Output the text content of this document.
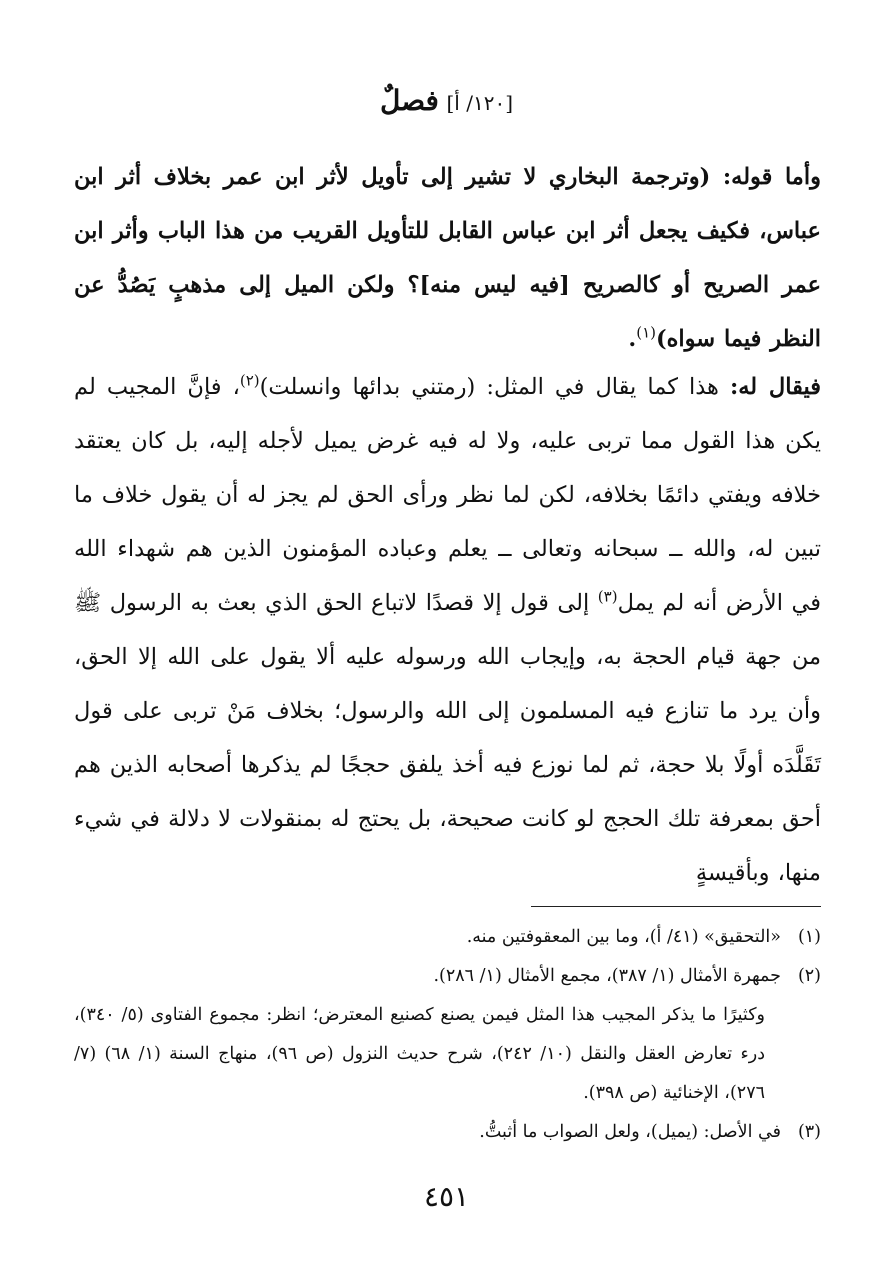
[١٢٠/ أ] فصلٌ

وأما قوله: (وترجمة البخاري لا تشير إلى تأويل لأثر ابن عمر بخلاف أثر ابن عباس، فكيف يجعل أثر ابن عباس القابل للتأويل القريب من هذا الباب وأثر ابن عمر الصريح أو كالصريح [فيه ليس منه]؟ ولكن الميل إلى مذهبٍ يَصُدُّ عن النظر فيما سواه)$^{(١)}$.

فيقال له: هذا كما يقال في المثل: (رمتني بدائها وانسلت)$^{(٢)}$، فإنَّ المجيب لم يكن هذا القول مما تربى عليه، ولا له فيه غرض يميل لأجله إليه، بل كان يعتقد خلافه ويفتي دائمًا بخلافه، لكن لما نظر ورأى الحق لم يجز له أن يقول خلاف ما تبين له، والله ــ سبحانه وتعالى ــ يعلم وعباده المؤمنون الذين هم شهداء الله في الأرض أنه لم يمل$^{(٣)}$ إلى قول إلا قصدًا لاتباع الحق الذي بعث به الرسول ﷺ من جهة قيام الحجة به، وإيجاب الله ورسوله عليه ألا يقول على الله إلا الحق، وأن يرد ما تنازع فيه المسلمون إلى الله والرسول؛ بخلاف مَنْ تربى على قول تَقَلَّدَه أولًا بلا حجة، ثم لما نوزع فيه أخذ يلفق حججًا لم يذكرها أصحابه الذين هم أحق بمعرفة تلك الحجج لو كانت صحيحة، بل يحتج له بمنقولات لا دلالة في شيء منها، وبأقيسةٍ

(١)
«التحقيق» (٤١/ أ)، وما بين المعقوفتين منه.
(٢)
جمهرة الأمثال (١/ ٣٨٧)، مجمع الأمثال (١/ ٢٨٦).
وكثيرًا ما يذكر المجيب هذا المثل فيمن يصنع كصنيع المعترض؛ انظر: مجموع الفتاوى (٥/ ٣٤٠)، درء تعارض العقل والنقل (١٠/ ٢٤٢)، شرح حديث النزول (ص ٩٦)، منهاج السنة (١/ ٦٨) (٧/ ٢٧٦)، الإخنائية (ص ٣٩٨).
(٣)
في الأصل: (يميل)، ولعل الصواب ما أثبتُّ.
٤٥١
